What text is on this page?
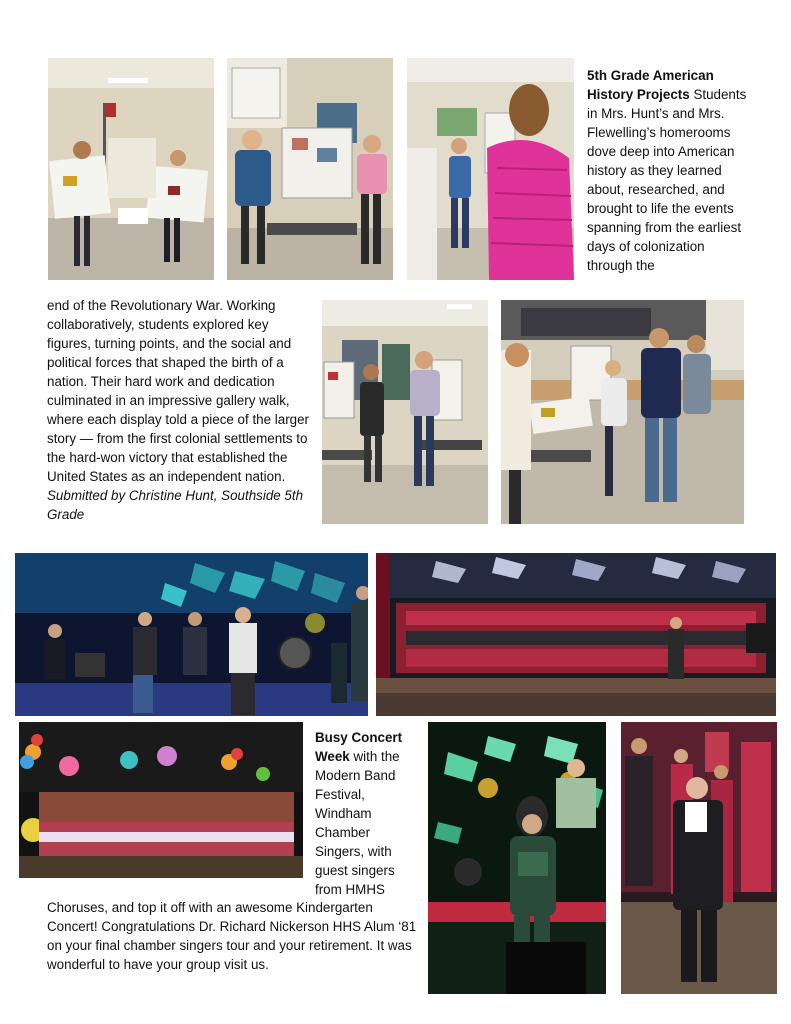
5th Grade American History Projects Students in Mrs. Hunt’s and Mrs. Flewelling’s homerooms dove deep into American history as they learned about, researched, and brought to life the events spanning from the earliest days of colonization through the
end of the Revolutionary War. Working collaboratively, students explored key figures, turning points, and the social and political forces that shaped the birth of a nation. Their hard work and dedication culminated in an impressive gallery walk, where each display told a piece of the larger story — from the first colonial settlements to the hard-won victory that established the United States as an independent nation. Submitted by Christine Hunt, Southside 5th Grade
Busy Concert Week with the Modern Band Festival, Windham Chamber Singers, with guest singers from HMHS
Choruses, and top it off with an awesome Kindergarten Concert! Congratulations Dr. Richard Nickerson HHS Alum ‘81 on your final chamber singers tour and your retirement. It was wonderful to have your group visit us.
